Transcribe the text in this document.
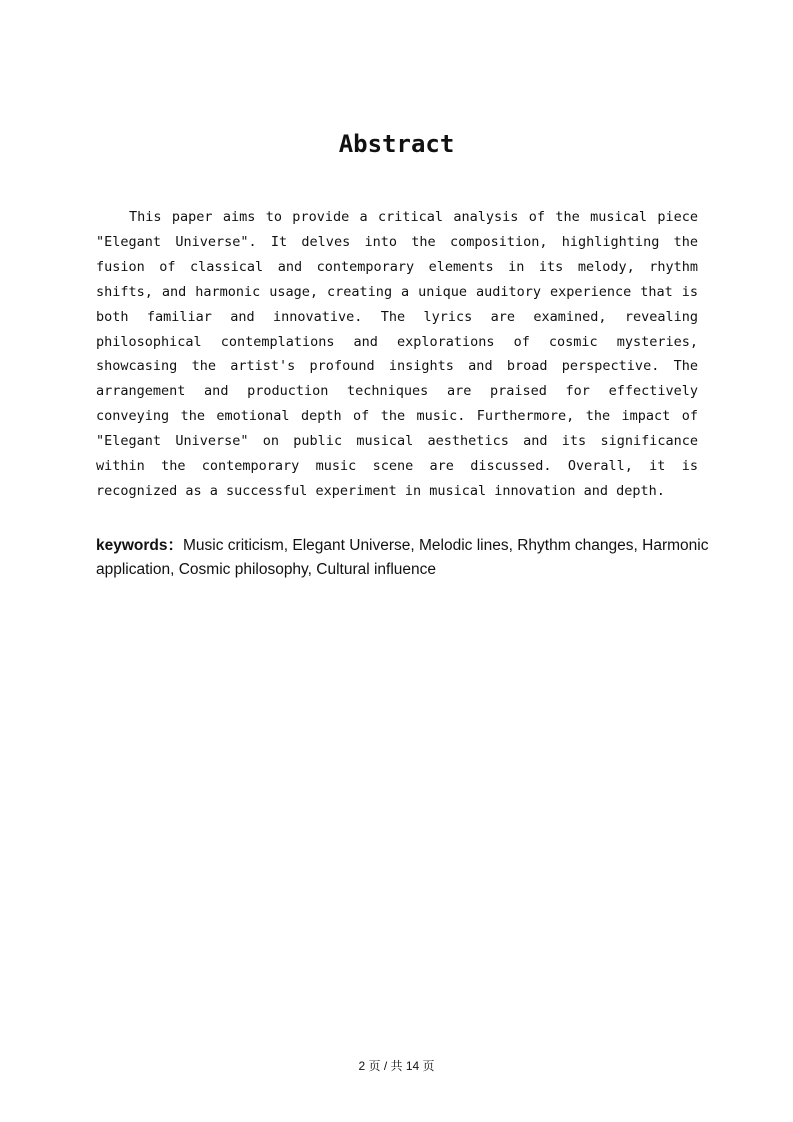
Abstract

This paper aims to provide a critical analysis of the musical piece "Elegant Universe". It delves into the composition, highlighting the fusion of classical and contemporary elements in its melody, rhythm shifts, and harmonic usage, creating a unique auditory experience that is both familiar and innovative. The lyrics are examined, revealing philosophical contemplations and explorations of cosmic mysteries, showcasing the artist's profound insights and broad perspective. The arrangement and production techniques are praised for effectively conveying the emotional depth of the music. Furthermore, the impact of "Elegant Universe" on public musical aesthetics and its significance within the contemporary music scene are discussed. Overall, it is recognized as a successful experiment in musical innovation and depth.

keywords：Music criticism, Elegant Universe, Melodic lines, Rhythm changes, Harmonic application, Cosmic philosophy, Cultural influence

2 页 / 共 14 页
